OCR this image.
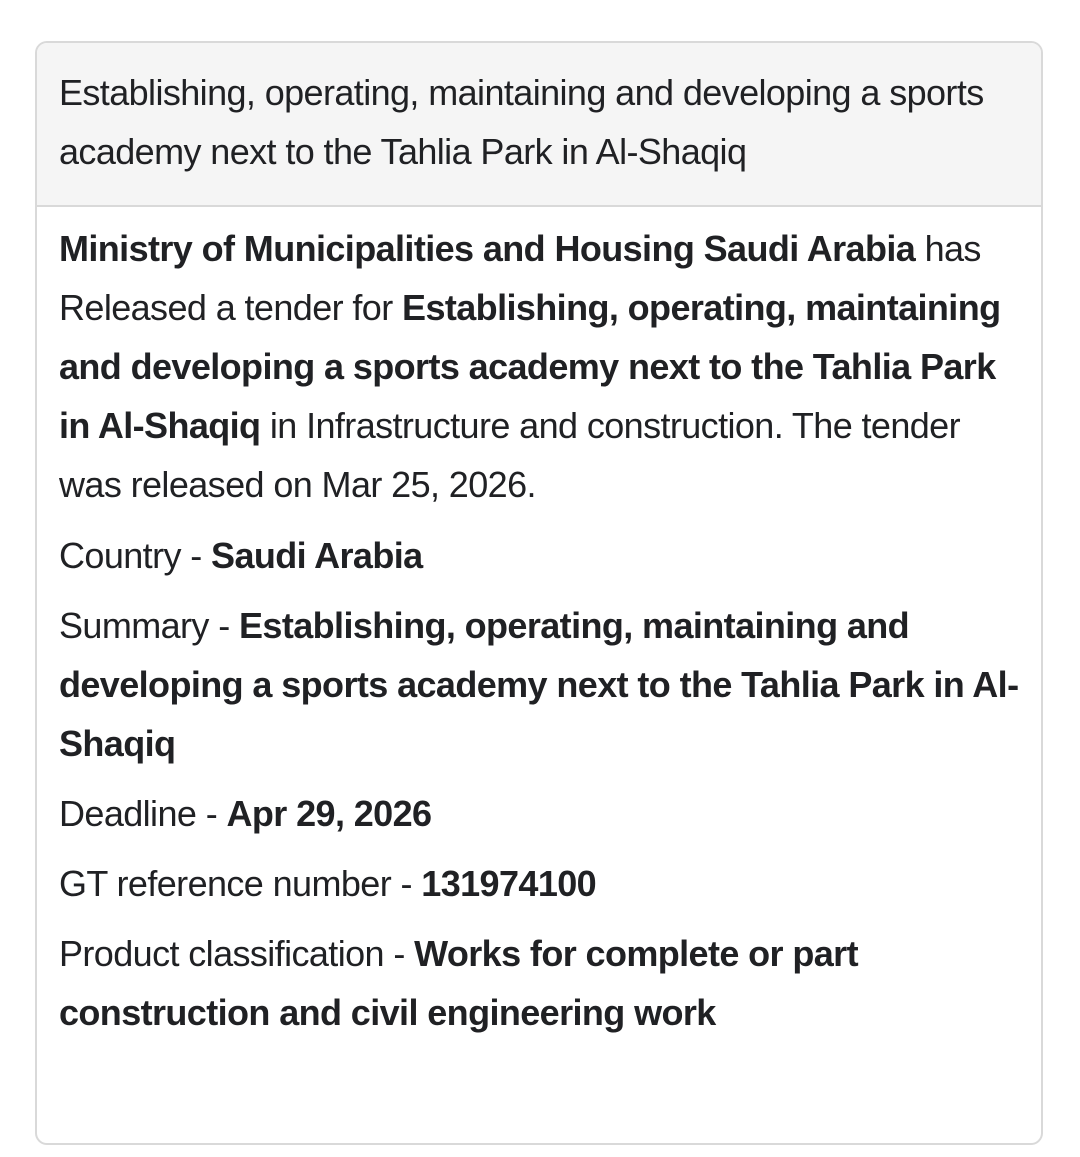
Establishing, operating, maintaining and developing a sports academy next to the Tahlia Park in Al-Shaqiq

Ministry of Municipalities and Housing Saudi Arabia has Released a tender for Establishing, operating, maintaining and developing a sports academy next to the Tahlia Park in Al-Shaqiq in Infrastructure and construction. The tender was released on Mar 25, 2026.

Country - Saudi Arabia

Summary - Establishing, operating, maintaining and developing a sports academy next to the Tahlia Park in Al-Shaqiq

Deadline - Apr 29, 2026

GT reference number - 131974100

Product classification - Works for complete or part construction and civil engineering work
